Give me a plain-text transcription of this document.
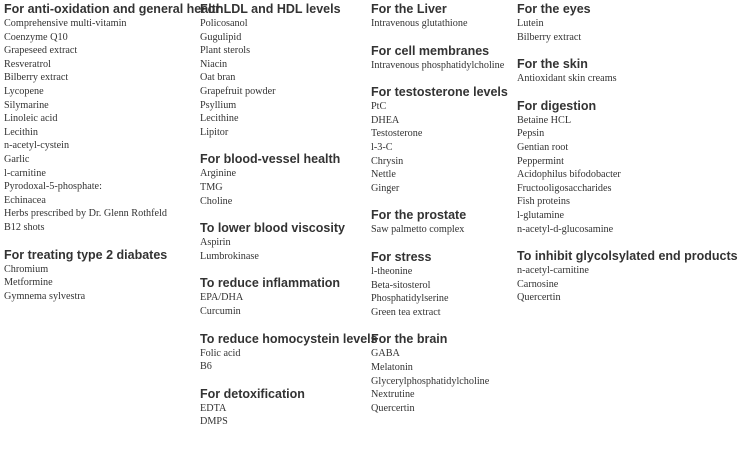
For anti-oxidation and general health
Comprehensive multi-vitamin
Coenzyme Q10
Grapeseed extract
Resveratrol
Bilberry extract
Lycopene
Silymarine
Linoleic acid
Lecithin
n-acetyl-cystein
Garlic
l-carnitine
Pyrodoxal-5-phosphate:
Echinacea
Herbs prescribed by Dr. Glenn Rothfeld
B12 shots
For treating type 2 diabates
Chromium
Metformine
Gymnema sylvestra
For LDL and HDL levels
Policosanol
Gugulipid
Plant sterols
Niacin
Oat bran
Grapefruit powder
Psyllium
Lecithine
Lipitor
For blood-vessel health
Arginine
TMG
Choline
To lower blood viscosity
Aspirin
Lumbrokinase
To reduce inflammation
EPA/DHA
Curcumin
To reduce homocystein levels
Folic acid
B6
For detoxification
EDTA
DMPS
For the Liver
Intravenous glutathione
For cell membranes
Intravenous phosphatidylcholine
For testosterone levels
PtC
DHEA
Testosterone
l-3-C
Chrysin
Nettle
Ginger
For the prostate
Saw palmetto complex
For stress
l-theonine
Beta-sitosterol
Phosphatidylserine
Green tea extract
For the brain
GABA
Melatonin
Glycerylphosphatidylcholine
Nextrutine
Quercertin
For the eyes
Lutein
Bilberry extract
For the skin
Antioxidant skin creams
For digestion
Betaine HCL
Pepsin
Gentian root
Peppermint
Acidophilus bifodobacter
Fructooligosaccharides
Fish proteins
l-glutamine
n-acetyl-d-glucosamine
To inhibit glycolsylated end products
n-acetyl-carnitine
Carnosine
Quercertin
